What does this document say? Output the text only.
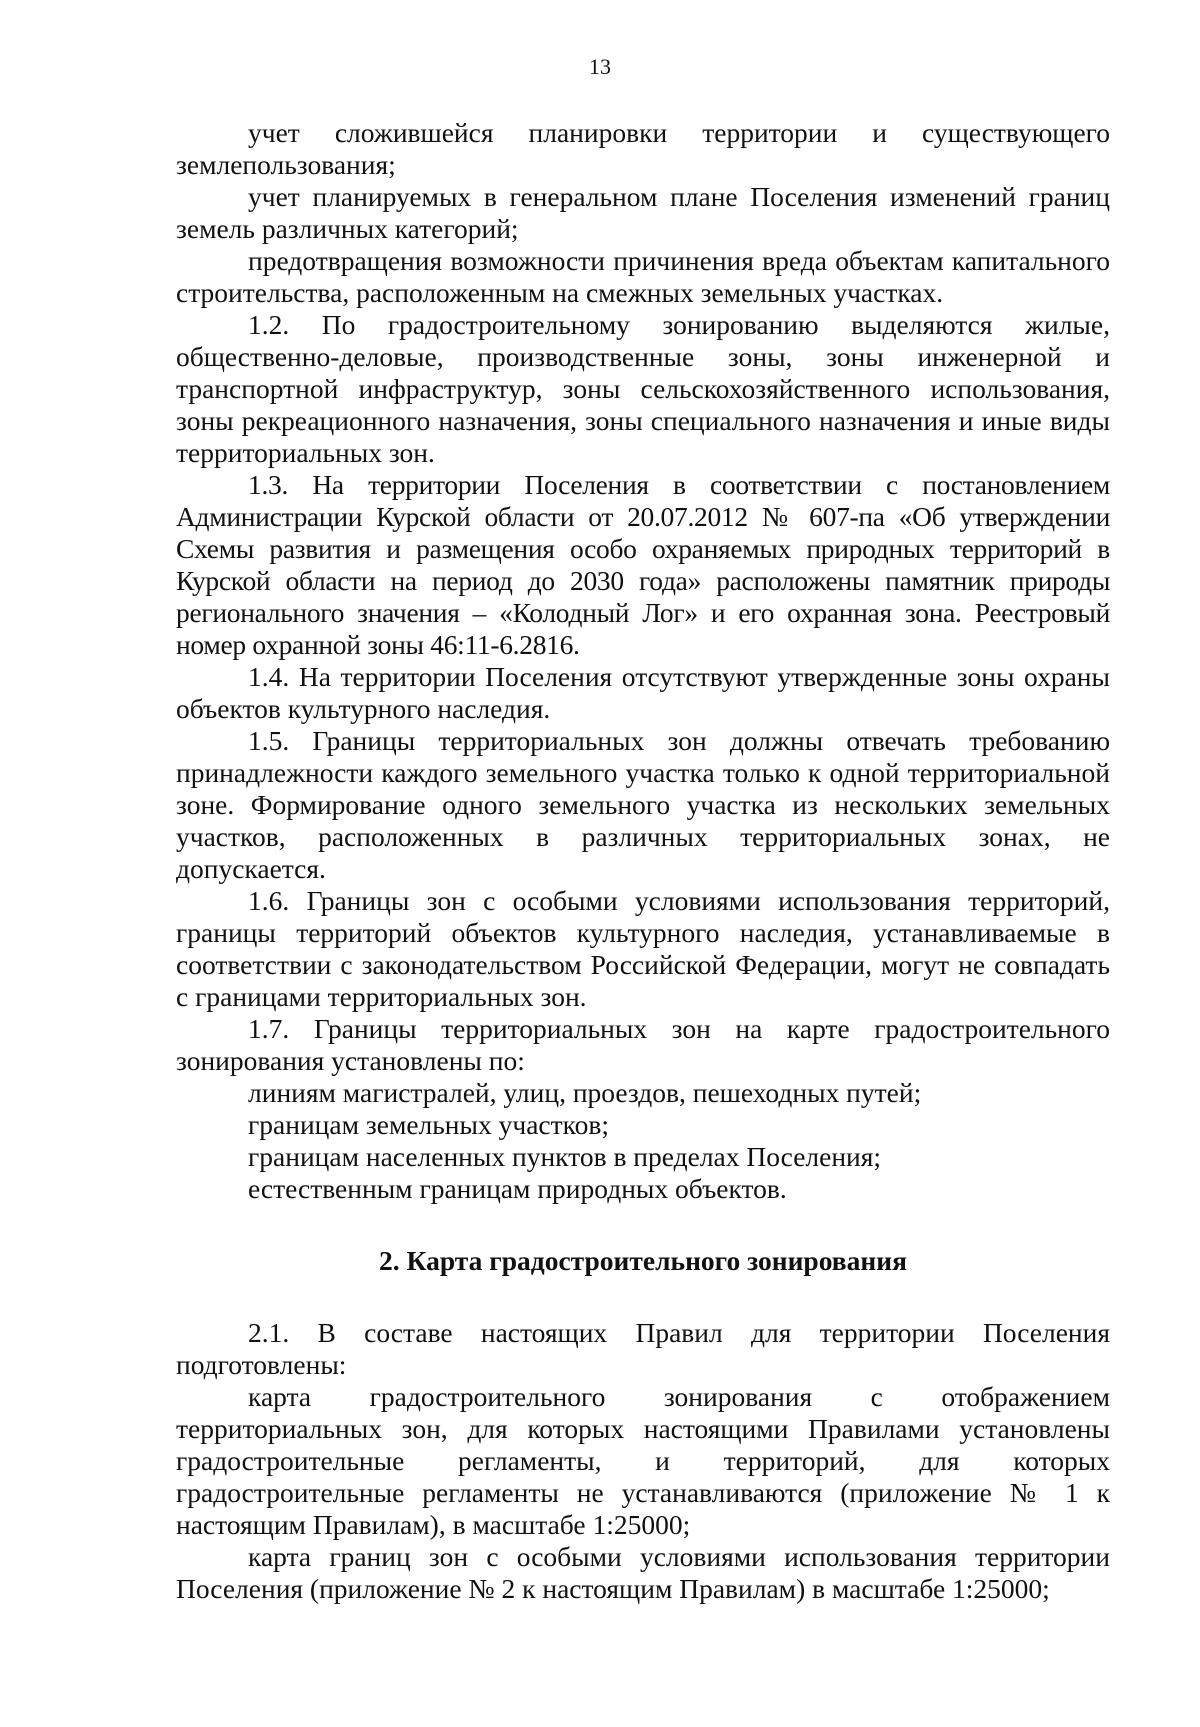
13

учет сложившейся планировки территории и существующего землепользования;

учет планируемых в генеральном плане Поселения изменений границ земель различных категорий;

предотвращения возможности причинения вреда объектам капитального строительства, расположенным на смежных земельных участках.

1.2. По градостроительному зонированию выделяются жилые, общественно-деловые, производственные зоны, зоны инженерной и транспортной инфраструктур, зоны сельскохозяйственного использования, зоны рекреационного назначения, зоны специального назначения и иные виды территориальных зон.

1.3. На территории Поселения в соответствии с постановлением Администрации Курской области от 20.07.2012 № 607-па «Об утверждении Схемы развития и размещения особо охраняемых природных территорий в Курской области на период до 2030 года» расположены памятник природы регионального значения – «Колодный Лог» и его охранная зона. Реестровый номер охранной зоны 46:11-6.2816.

1.4. На территории Поселения отсутствуют утвержденные зоны охраны объектов культурного наследия.

1.5. Границы территориальных зон должны отвечать требованию принадлежности каждого земельного участка только к одной территориальной зоне. Формирование одного земельного участка из нескольких земельных участков, расположенных в различных территориальных зонах, не допускается.

1.6. Границы зон с особыми условиями использования территорий, границы территорий объектов культурного наследия, устанавливаемые в соответствии с законодательством Российской Федерации, могут не совпадать с границами территориальных зон.

1.7. Границы территориальных зон на карте градостроительного зонирования установлены по:

линиям магистралей, улиц, проездов, пешеходных путей;

границам земельных участков;

границам населенных пунктов в пределах Поселения;

естественным границам природных объектов.

2. Карта градостроительного зонирования

2.1. В составе настоящих Правил для территории Поселения подготовлены:

карта градостроительного зонирования с отображением территориальных зон, для которых настоящими Правилами установлены градостроительные регламенты, и территорий, для которых градостроительные регламенты не устанавливаются (приложение № 1 к настоящим Правилам), в масштабе 1:25000;

карта границ зон с особыми условиями использования территории Поселения (приложение № 2 к настоящим Правилам) в масштабе 1:25000;
